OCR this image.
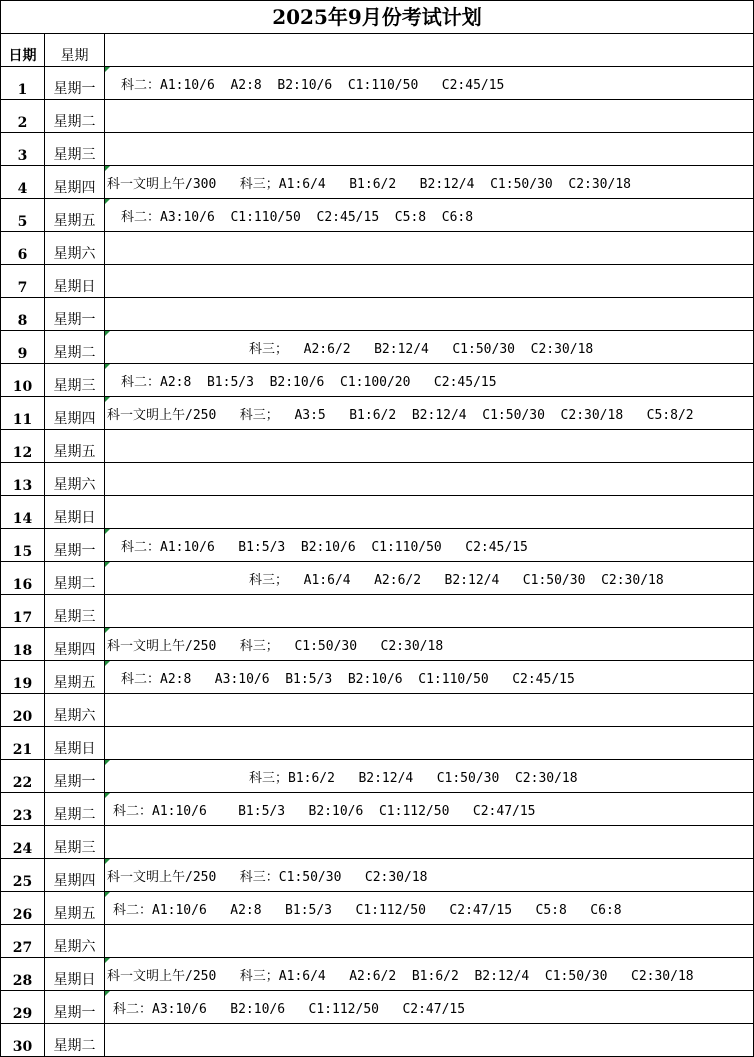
2025年9月份考试计划
日期	星期
1	星期一	科二：A1:10/6  A2:8  B2:10/6  C1:110/50   C2:45/15
2	星期二
3	星期三
4	星期四 科一文明上午/300   科三；A1:6/4   B1:6/2   B2:12/4  C1:50/30  C2:30/18
5	星期五	科二：A3:10/6  C1:110/50  C2:45/15  C5:8  C6:8
6	星期六
7	星期日
8	星期一
9	星期二	科三；  A2:6/2   B2:12/4   C1:50/30  C2:30/18
10	星期三	科二：A2:8  B1:5/3  B2:10/6  C1:100/20   C2:45/15
11	星期四 科一文明上午/250   科三；  A3:5   B1:6/2  B2:12/4  C1:50/30  C2:30/18   C5:8/2
12	星期五
13	星期六
14	星期日
15	星期一	科二：A1:10/6   B1:5/3  B2:10/6  C1:110/50   C2:45/15
16	星期二	科三；  A1:6/4   A2:6/2   B2:12/4   C1:50/30  C2:30/18
17	星期三
18	星期四 科一文明上午/250   科三；  C1:50/30   C2:30/18
19	星期五	科二：A2:8   A3:10/6  B1:5/3  B2:10/6  C1:110/50   C2:45/15
20	星期六
21	星期日
22	星期一	科三；B1:6/2   B2:12/4   C1:50/30  C2:30/18
23	星期二	科二：A1:10/6    B1:5/3   B2:10/6  C1:112/50   C2:47/15
24	星期三
25	星期四 科一文明上午/250   科三：C1:50/30   C2:30/18
26	星期五	科二：A1:10/6   A2:8   B1:5/3   C1:112/50   C2:47/15   C5:8   C6:8
27	星期六
28	星期日 科一文明上午/250   科三；A1:6/4   A2:6/2  B1:6/2  B2:12/4  C1:50/30   C2:30/18
29	星期一	科二：A3:10/6   B2:10/6   C1:112/50   C2:47/15
30	星期二
